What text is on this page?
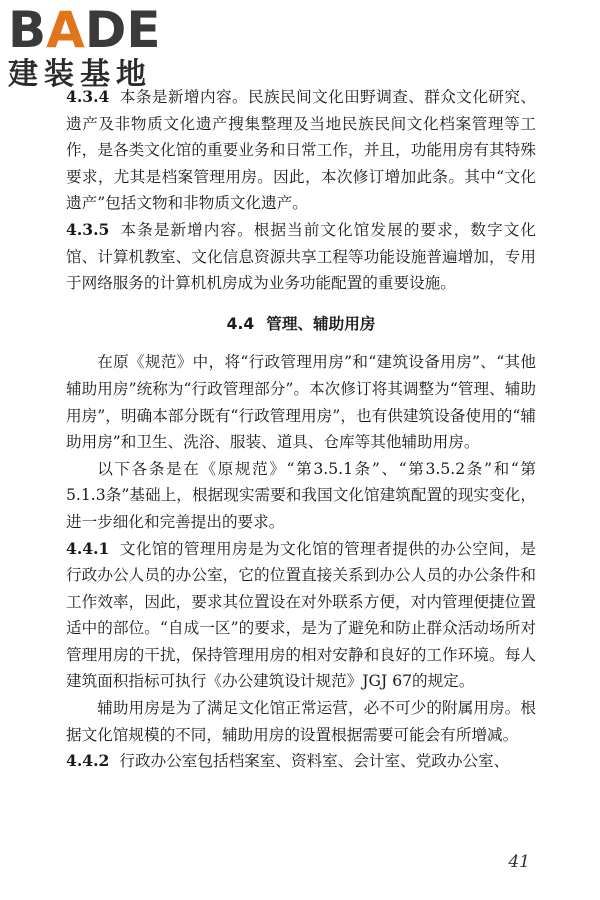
BADE
建装基地

4.3.4 本条是新增内容。民族民间文化田野调查、群众文化研究、遗产及非物质文化遗产搜集整理及当地民族民间文化档案管理等工作，是各类文化馆的重要业务和日常工作，并且，功能用房有其特殊要求，尤其是档案管理用房。因此，本次修订增加此条。其中“文化遗产”包括文物和非物质文化遗产。

4.3.5 本条是新增内容。根据当前文化馆发展的要求，数字文化馆、计算机教室、文化信息资源共享工程等功能设施普遍增加，专用于网络服务的计算机机房成为业务功能配置的重要设施。

4.4 管理、辅助用房

在原《规范》中，将“行政管理用房”和“建筑设备用房”、“其他辅助用房”统称为“行政管理部分”。本次修订将其调整为“管理、辅助用房”，明确本部分既有“行政管理用房”，也有供建筑设备使用的“辅助用房”和卫生、洗浴、服装、道具、仓库等其他辅助用房。

以下各条是在《原规范》“第3.5.1条”、“第3.5.2条”和“第5.1.3条”基础上，根据现实需要和我国文化馆建筑配置的现实变化，进一步细化和完善提出的要求。

4.4.1 文化馆的管理用房是为文化馆的管理者提供的办公空间，是行政办公人员的办公室，它的位置直接关系到办公人员的办公条件和工作效率，因此，要求其位置设在对外联系方便，对内管理便捷位置适中的部位。“自成一区”的要求，是为了避免和防止群众活动场所对管理用房的干扰，保持管理用房的相对安静和良好的工作环境。每人建筑面积指标可执行《办公建筑设计规范》JGJ 67的规定。

辅助用房是为了满足文化馆正常运营，必不可少的附属用房。根据文化馆规模的不同，辅助用房的设置根据需要可能会有所增减。

4.4.2 行政办公室包括档案室、资料室、会计室、党政办公室、

41
